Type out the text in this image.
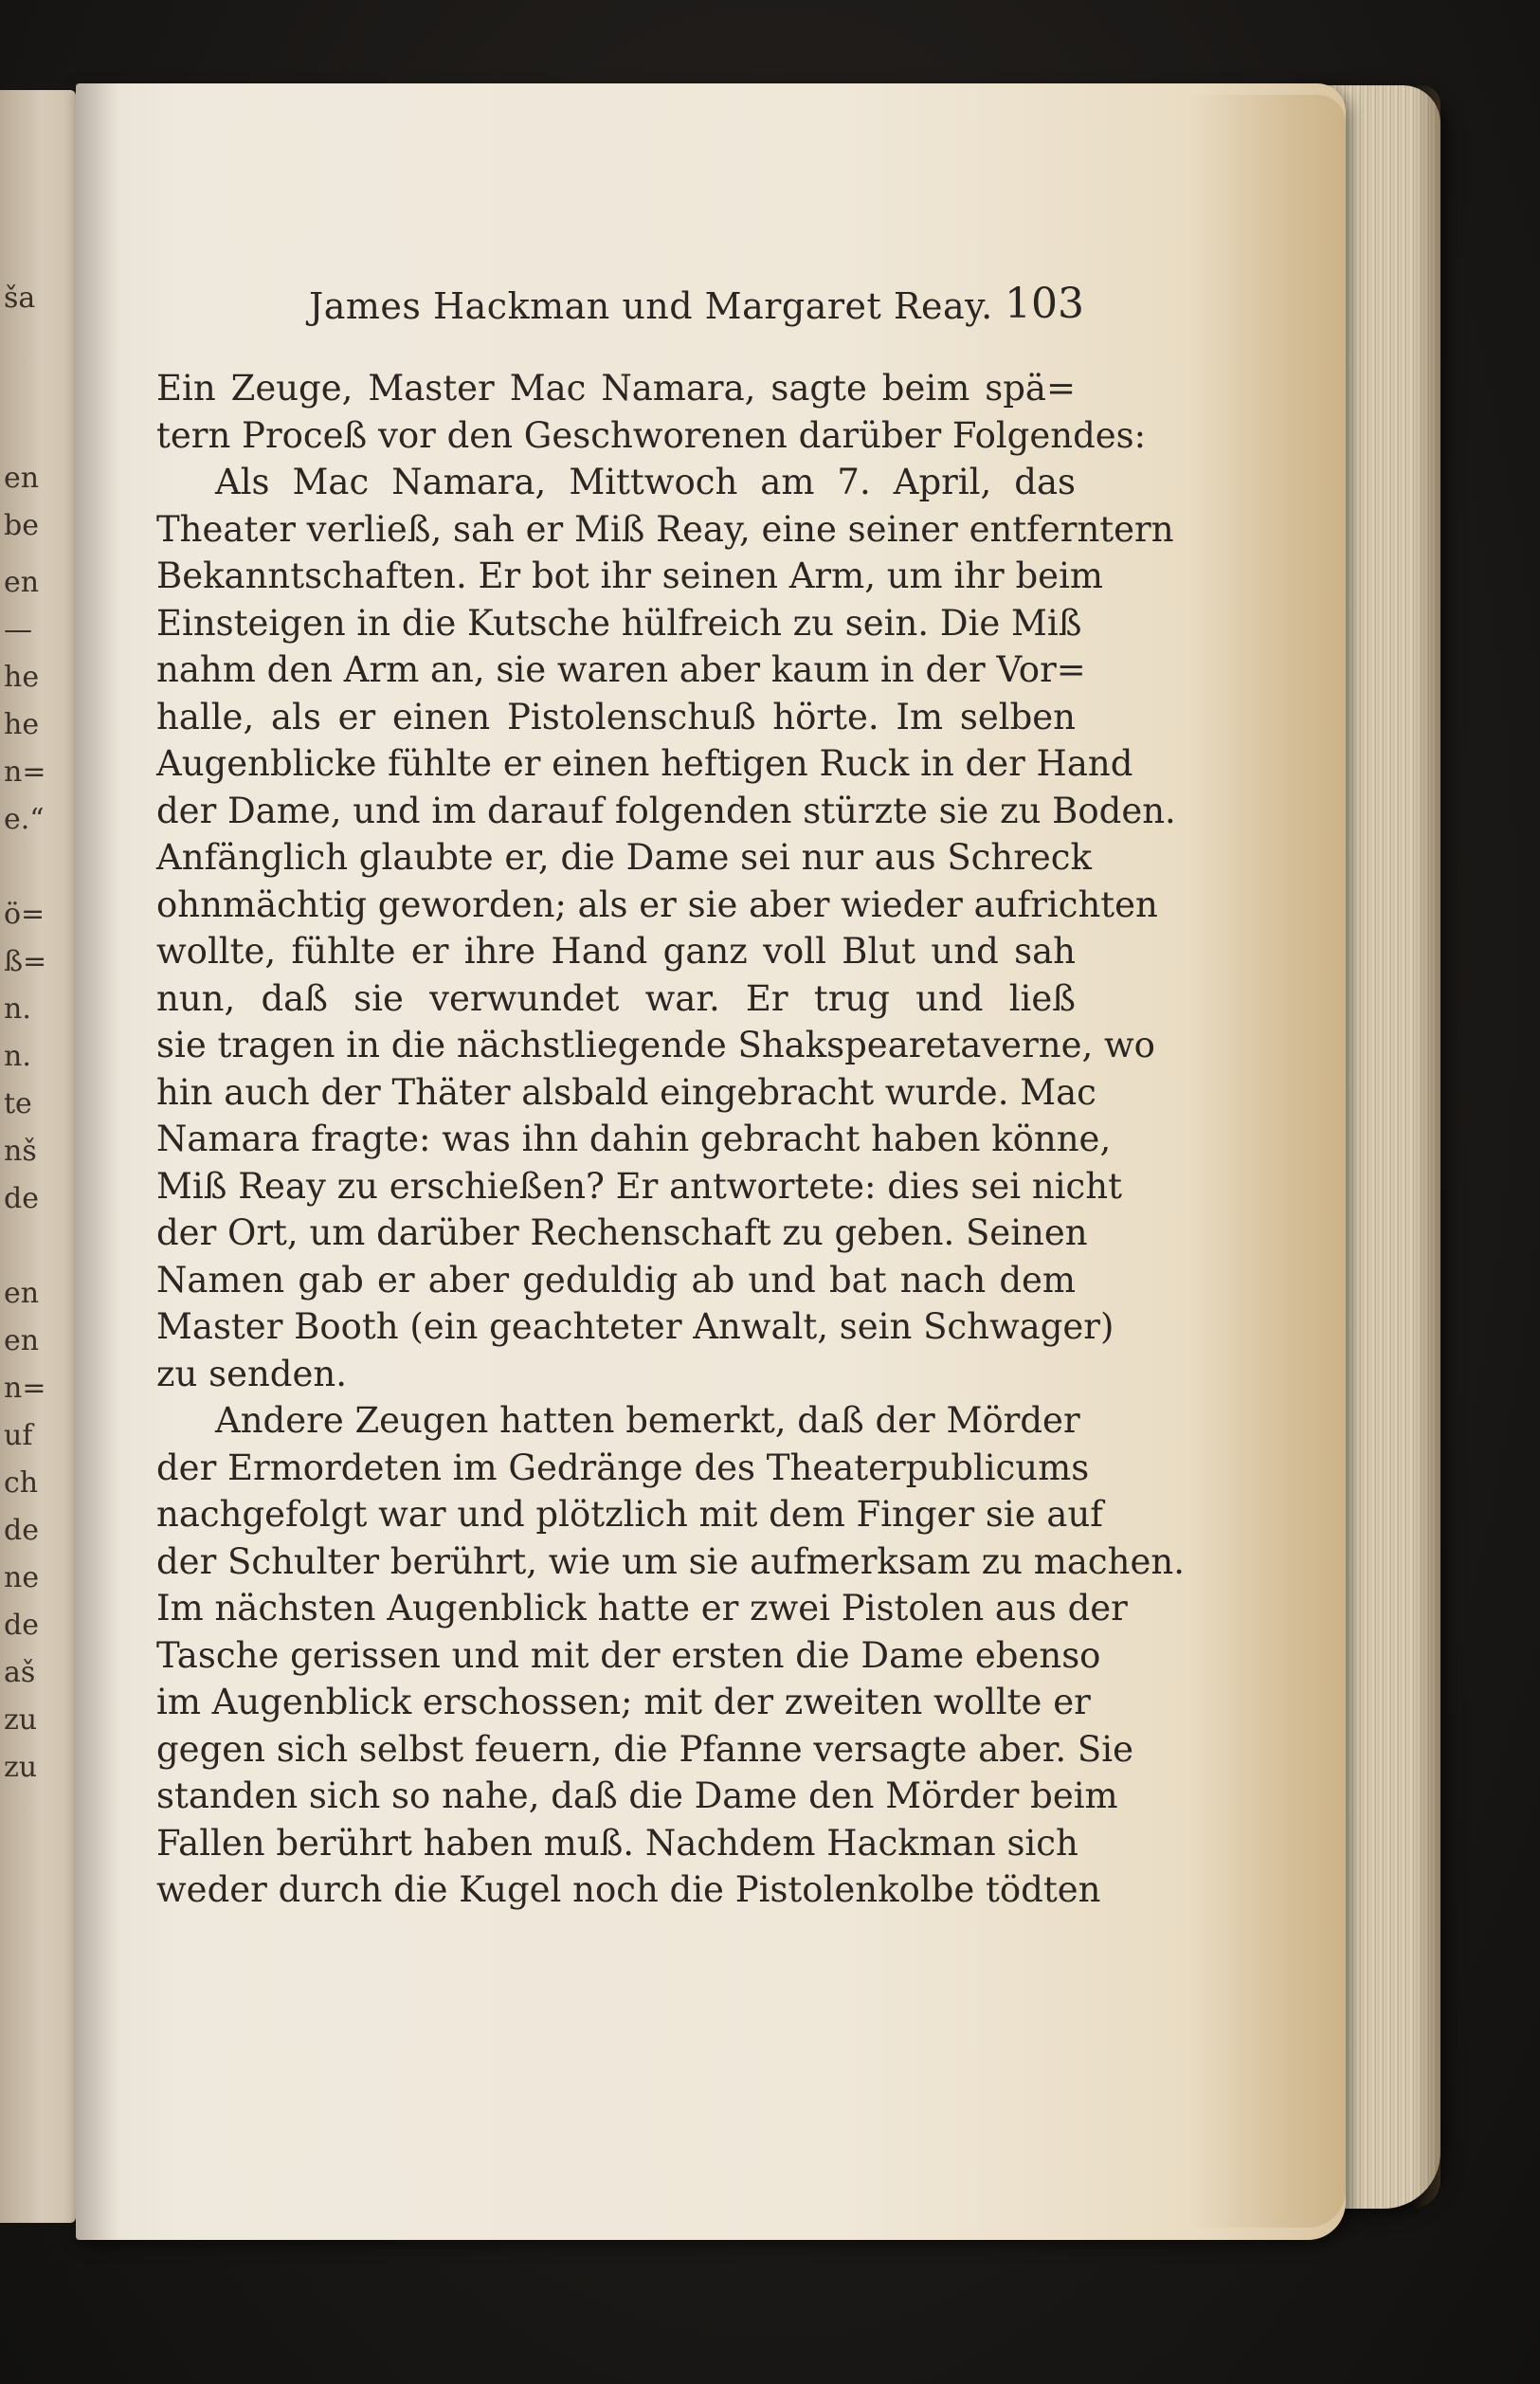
ša
en
be
en
—
he
he
n=
e.“
ö=
ß=
n.
n.
te
nš
de
en
en
n=
uf
ch
de
ne
de
aš
zu
zu
James Hackman und Margaret Reay. 103
Ein Zeuge, Master Mac Namara, sagte beim spä=
tern Proceß vor den Geschworenen darüber Folgendes:
Als Mac Namara, Mittwoch am 7. April, das
Theater verließ, sah er Miß Reay, eine seiner entferntern
Bekanntschaften. Er bot ihr seinen Arm, um ihr beim
Einsteigen in die Kutsche hülfreich zu sein. Die Miß
nahm den Arm an, sie waren aber kaum in der Vor=
halle, als er einen Pistolenschuß hörte. Im selben
Augenblicke fühlte er einen heftigen Ruck in der Hand
der Dame, und im darauf folgenden stürzte sie zu Boden.
Anfänglich glaubte er, die Dame sei nur aus Schreck
ohnmächtig geworden; als er sie aber wieder aufrichten
wollte, fühlte er ihre Hand ganz voll Blut und sah
nun, daß sie verwundet war. Er trug und ließ
sie tragen in die nächstliegende Shakspearetaverne, wo
hin auch der Thäter alsbald eingebracht wurde. Mac
Namara fragte: was ihn dahin gebracht haben könne,
Miß Reay zu erschießen? Er antwortete: dies sei nicht
der Ort, um darüber Rechenschaft zu geben. Seinen
Namen gab er aber geduldig ab und bat nach dem
Master Booth (ein geachteter Anwalt, sein Schwager)
zu senden.
Andere Zeugen hatten bemerkt, daß der Mörder
der Ermordeten im Gedränge des Theaterpublicums
nachgefolgt war und plötzlich mit dem Finger sie auf
der Schulter berührt, wie um sie aufmerksam zu machen.
Im nächsten Augenblick hatte er zwei Pistolen aus der
Tasche gerissen und mit der ersten die Dame ebenso
im Augenblick erschossen; mit der zweiten wollte er
gegen sich selbst feuern, die Pfanne versagte aber. Sie
standen sich so nahe, daß die Dame den Mörder beim
Fallen berührt haben muß. Nachdem Hackman sich
weder durch die Kugel noch die Pistolenkolbe tödten
